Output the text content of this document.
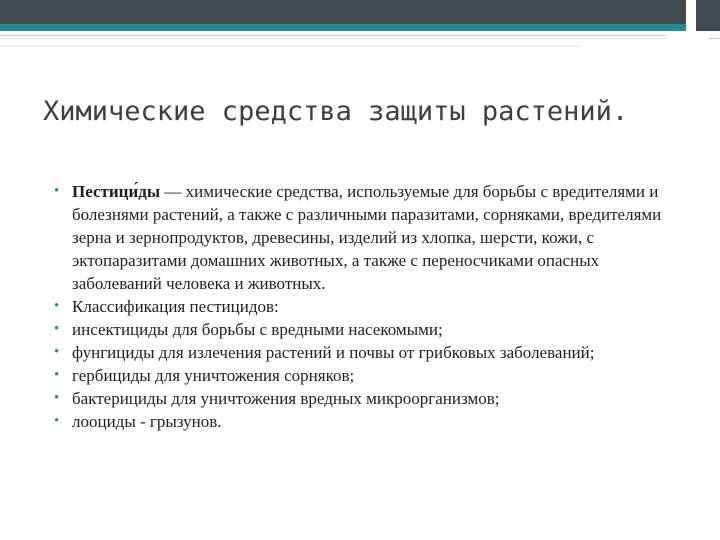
Химические средства защиты растений.
• Пестици́ды — химические средства, используемые для борьбы с вредителями и болезнями растений, а также с различными паразитами, сорняками, вредителями зерна и зернопродуктов, древесины, изделий из хлопка, шерсти, кожи, с эктопаразитами домашних животных, а также с переносчиками опасных заболеваний человека и животных.
• Классификация пестицидов:
• инсектициды для борьбы с вредными насекомыми;
• фунгициды для излечения растений и почвы от грибковых заболеваний;
• гербициды для уничтожения сорняков;
• бактерициды для уничтожения вредных микроорганизмов;
• лооциды - грызунов.
